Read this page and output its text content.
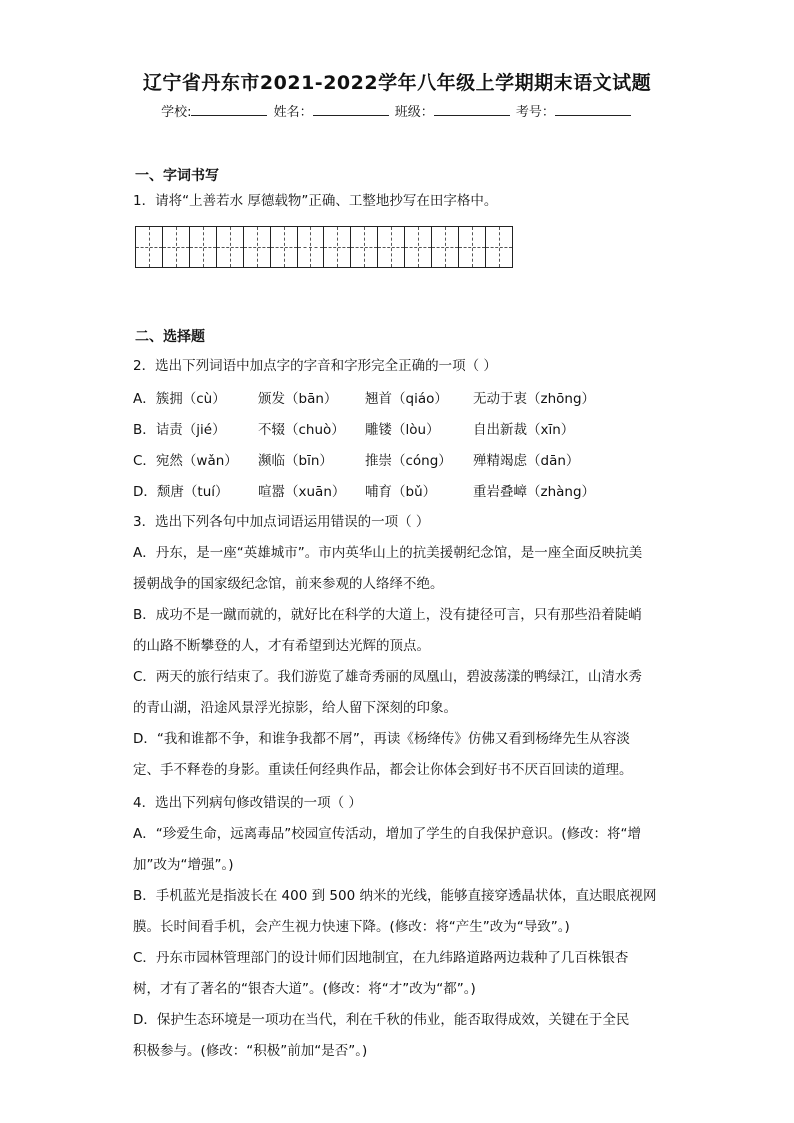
辽宁省丹东市2021-2022学年八年级上学期期末语文试题
学校:	姓名：	班级：	考号：
一、字词书写
1．请将“上善若水 厚德载物”正确、工整地抄写在田字格中。
二、选择题
2．选出下列词语中加点字的字音和字形完全正确的一项（ ）
A．簇拥（cù） 颁发（bān） 翘首（qiáo） 无动于衷（zhōng）
B．诘责（jié） 不辍（chuò） 雕镂（lòu） 自出新裁（xīn）
C．宛然（wǎn） 濒临（bīn） 推崇（cóng） 殚精竭虑（dān）
D．颓唐（tuí） 喧嚣（xuān） 哺育（bǔ）	重岩叠嶂（zhàng）
3．选出下列各句中加点词语运用错误的一项（ ）
A．丹东，是一座“英雄城市”。市内英华山上的抗美援朝纪念馆，是一座全面反映抗美
援朝战争的国家级纪念馆，前来参观的人络绎不绝。
B．成功不是一蹴而就的，就好比在科学的大道上，没有捷径可言，只有那些沿着陡峭
的山路不断攀登的人，才有希望到达光辉的顶点。
C．两天的旅行结束了。我们游览了雄奇秀丽的凤凰山，碧波荡漾的鸭绿江，山清水秀
的青山湖，沿途风景浮光掠影，给人留下深刻的印象。
D．“我和谁都不争，和谁争我都不屑”，再读《杨绛传》仿佛又看到杨绛先生从容淡
定、手不释卷的身影。重读任何经典作品，都会让你体会到好书不厌百回读的道理。
4．选出下列病句修改错误的一项（ ）
A．“珍爱生命，远离毒品”校园宣传活动，增加了学生的自我保护意识。(修改：将“增
加”改为“增强”。)
B．手机蓝光是指波长在 400 到 500 纳米的光线，能够直接穿透晶状体，直达眼底视网
膜。长时间看手机，会产生视力快速下降。(修改：将“产生”改为“导致”。)
C．丹东市园林管理部门的设计师们因地制宜，在九纬路道路两边栽种了几百株银杏
树，才有了著名的“银杏大道”。(修改：将“才”改为“都”。)
D．保护生态环境是一项功在当代，利在千秋的伟业，能否取得成效，关键在于全民
积极参与。(修改：“积极”前加“是否”。)
